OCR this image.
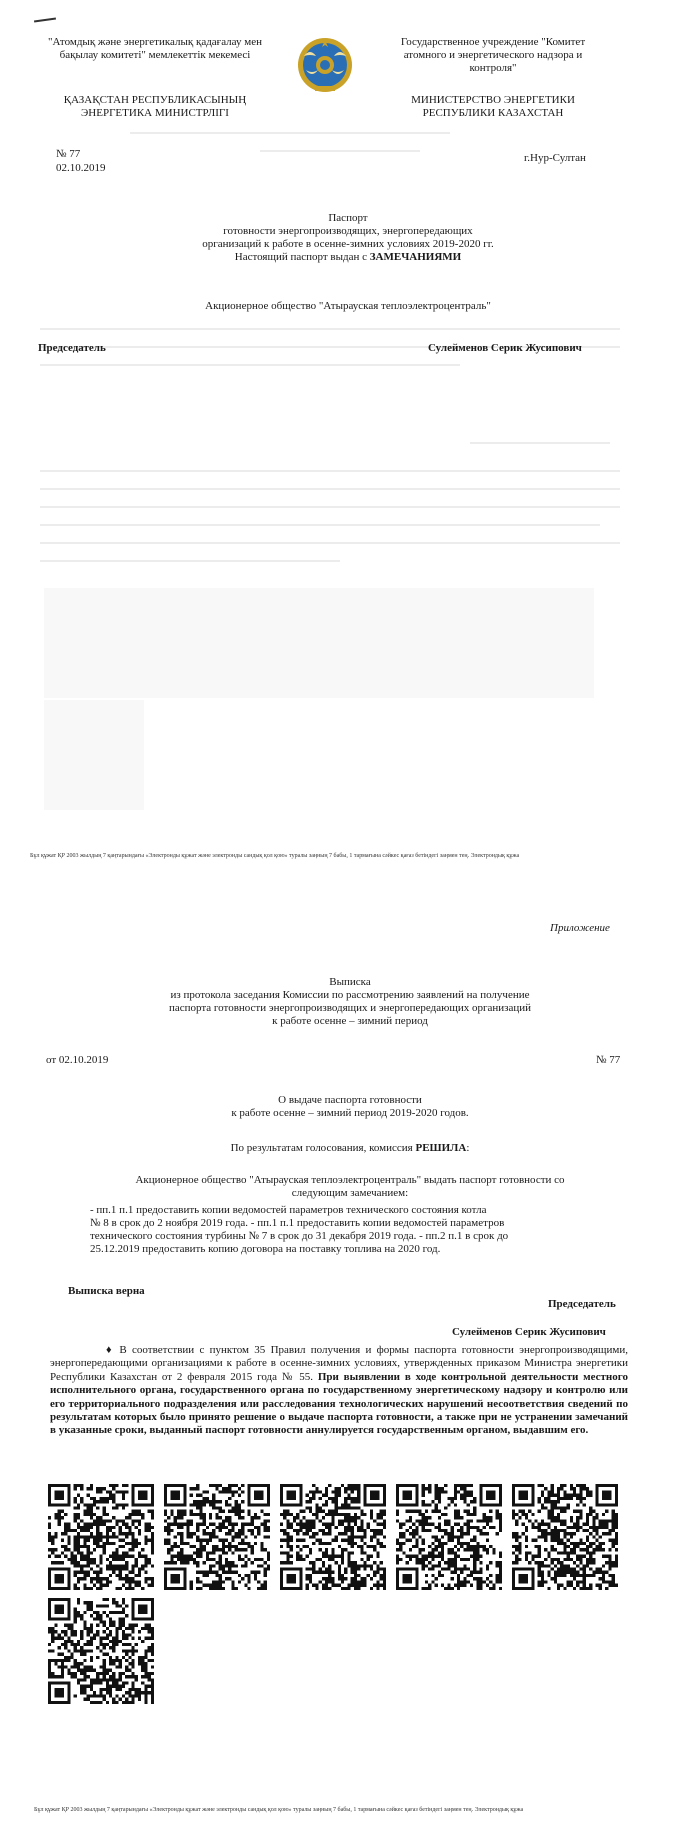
"Атомдық және энергетикалық қадағалау мен
бақылау комитеті" мемлекеттік мекемесі
ҚАЗАҚСТАН РЕСПУБЛИКАСЫНЫҢ
ЭНЕРГЕТИКА МИНИСТРЛІГІ
Государственное учреждение "Комитет
атомного и энергетического надзора и
контроля"
МИНИСТЕРСТВО ЭНЕРГЕТИКИ
РЕСПУБЛИКИ КАЗАХСТАН
№ 77
02.10.2019
г.Нур-Султан
Паспорт
готовности энергопроизводящих, энергопередающих
организаций к работе в осенне-зимних условиях 2019-2020 гг.
Настоящий паспорт выдан с ЗАМЕЧАНИЯМИ
Акционерное общество "Атырауская теплоэлектроцентраль"
Председатель	Сулейменов Серик Жусипович
Бұл құжат ҚР 2003 жылдың 7 қаңтарындағы «Электронды құжат және электронды сандық қол қою» туралы заңның 7 бабы, 1 тармағына сәйкес қағаз бетіндегі заңмен тең. Электрондық құжа
Приложение
Выписка
из протокола заседания Комиссии по рассмотрению заявлений на получение
паспорта готовности энергопроизводящих и энергопередающих организаций
к работе осенне – зимний период
от 02.10.2019	№ 77
О выдаче паспорта готовности
к работе осенне – зимний период 2019-2020 годов.
По результатам голосования, комиссия РЕШИЛА:
Акционерное общество "Атырауская теплоэлектроцентраль" выдать паспорт готовности со
следующим замечанием:
- пп.1 п.1 предоставить копии ведомостей параметров технического состояния котла
№ 8 в срок до 2 ноября 2019 года. - пп.1 п.1 предоставить копии ведомостей параметров
технического состояния турбины № 7 в срок до 31 декабря 2019 года. - пп.2 п.1 в срок до
25.12.2019 предоставить копию договора на поставку топлива на 2020 год.
Выписка верна
Председатель
Сулейменов Серик Жусипович
♦ В соответствии с пунктом 35 Правил получения и формы паспорта готовности энергопроизводящими, энергопередающими организациями к работе в осенне-зимних условиях, утвержденных приказом Министра энергетики Республики Казахстан от 2 февраля 2015 года № 55. При выявлении в ходе контрольной деятельности местного исполнительного органа, государственного органа по государственному энергетическому надзору и контролю или его территориального подразделения или расследования технологических нарушений несоответствия сведений по результатам которых было принято решение о выдаче паспорта готовности, а также при не устранении замечаний в указанные сроки, выданный паспорт готовности аннулируется государственным органом, выдавшим его.
Бұл құжат ҚР 2003 жылдың 7 қаңтарындағы «Электронды құжат және электронды сандық қол қою» туралы заңның 7 бабы, 1 тармағына сәйкес қағаз бетіндегі заңмен тең. Электрондық құжа
